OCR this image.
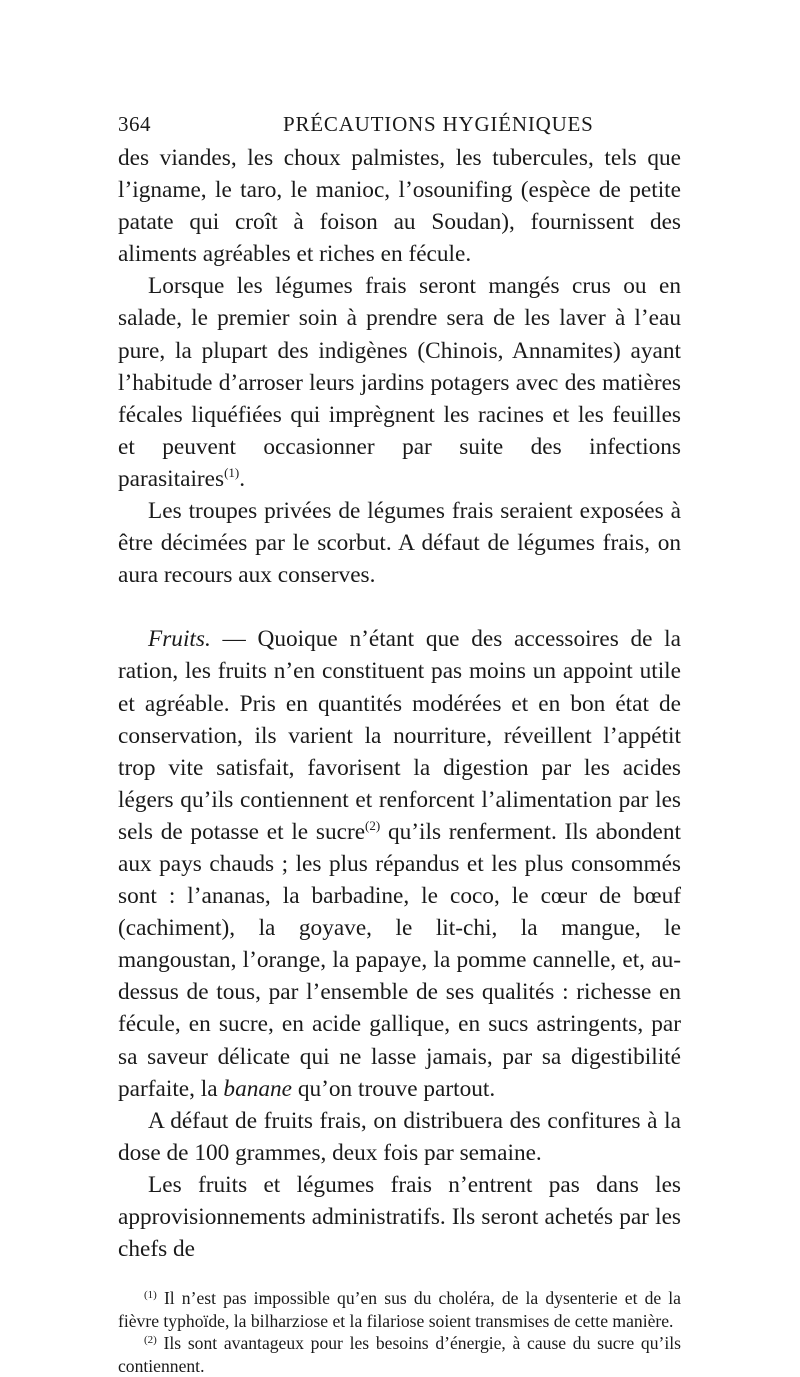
364	PRÉCAUTIONS HYGIÉNIQUES

des viandes, les choux palmistes, les tubercules, tels que l’igname, le taro, le manioc, l’osounifing (espèce de petite patate qui croît à foison au Soudan), fournissent des aliments agréables et riches en fécule.

Lorsque les légumes frais seront mangés crus ou en salade, le premier soin à prendre sera de les laver à l’eau pure, la plupart des indigènes (Chinois, Annamites) ayant l’habitude d’arroser leurs jardins potagers avec des matières fécales liquéfiées qui imprègnent les racines et les feuilles et peuvent occasionner par suite des infections parasitaires$^{(1)}$.

Les troupes privées de légumes frais seraient exposées à être décimées par le scorbut. A défaut de légumes frais, on aura recours aux conserves.

Fruits. — Quoique n’étant que des accessoires de la ration, les fruits n’en constituent pas moins un appoint utile et agréable. Pris en quantités modérées et en bon état de conservation, ils varient la nourriture, réveillent l’appétit trop vite satisfait, favorisent la digestion par les acides légers qu’ils contiennent et renforcent l’alimentation par les sels de potasse et le sucre$^{(2)}$ qu’ils renferment. Ils abondent aux pays chauds ; les plus répandus et les plus consommés sont : l’ananas, la barbadine, le coco, le cœur de bœuf (cachiment), la goyave, le lit-chi, la mangue, le mangoustan, l’orange, la papaye, la pomme cannelle, et, au-dessus de tous, par l’ensemble de ses qualités : richesse en fécule, en sucre, en acide gallique, en sucs astringents, par sa saveur délicate qui ne lasse jamais, par sa digestibilité parfaite, la banane qu’on trouve partout.

A défaut de fruits frais, on distribuera des confitures à la dose de 100 grammes, deux fois par semaine.

Les fruits et légumes frais n’entrent pas dans les approvisionnements administratifs. Ils seront achetés par les chefs de

$^{(1)}$ Il n’est pas impossible qu’en sus du choléra, de la dysenterie et de la fièvre typhoïde, la bilharziose et la filariose soient transmises de cette manière.

$^{(2)}$ Ils sont avantageux pour les besoins d’énergie, à cause du sucre qu’ils contiennent.
